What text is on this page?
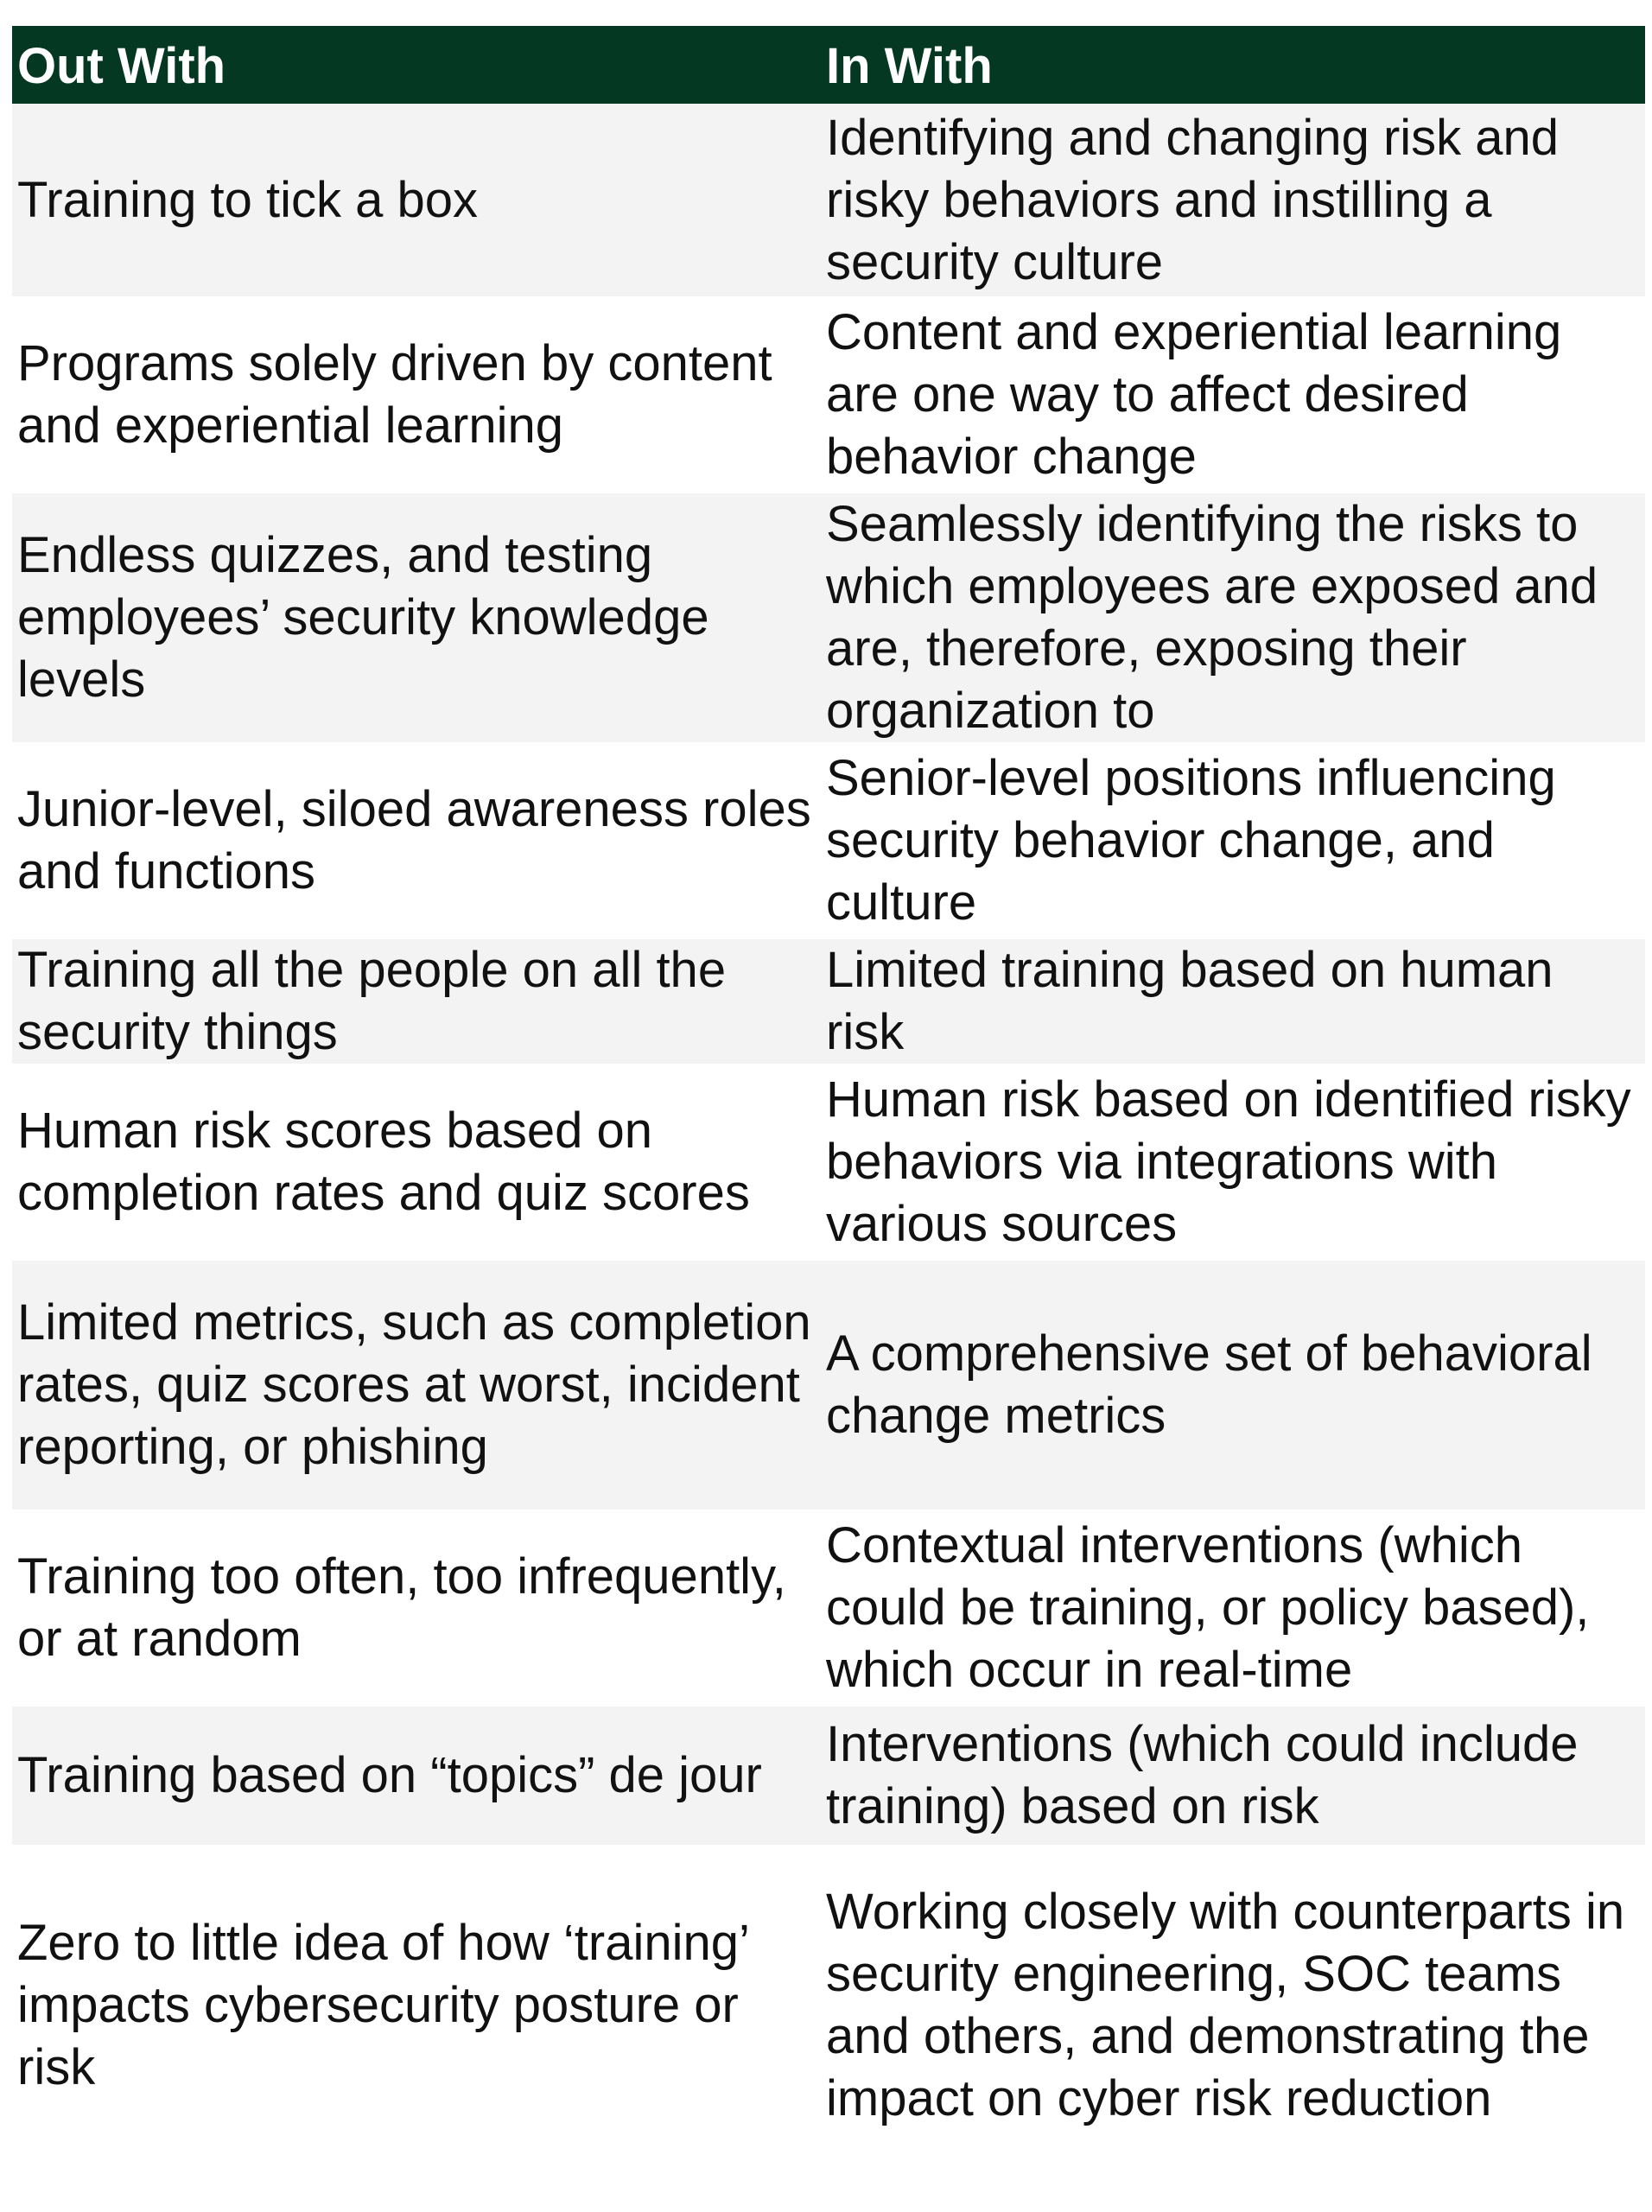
Out With	In With
Training to tick a box	Identifying and changing risk and risky behaviors and instilling a security culture
Programs solely driven by content and experiential learning	Content and experiential learning are one way to affect desired behavior change
Endless quizzes, and testing employees’ security knowledge levels	Seamlessly identifying the risks to which employees are exposed and are, therefore, exposing their organization to
Junior-level, siloed awareness roles and functions	Senior-level positions influencing security behavior change, and culture
Training all the people on all the security things	Limited training based on human risk
Human risk scores based on completion rates and quiz scores	Human risk based on identified risky behaviors via integrations with various sources
Limited metrics, such as completion rates, quiz scores at worst, incident reporting, or phishing	A comprehensive set of behavioral change metrics
Training too often, too infrequently, or at random	Contextual interventions (which could be training, or policy based), which occur in real-time
Training based on “topics” de jour	Interventions (which could include training) based on risk
Zero to little idea of how ‘training’ impacts cybersecurity posture or risk	Working closely with counterparts in security engineering, SOC teams and others, and demonstrating the impact on cyber risk reduction
